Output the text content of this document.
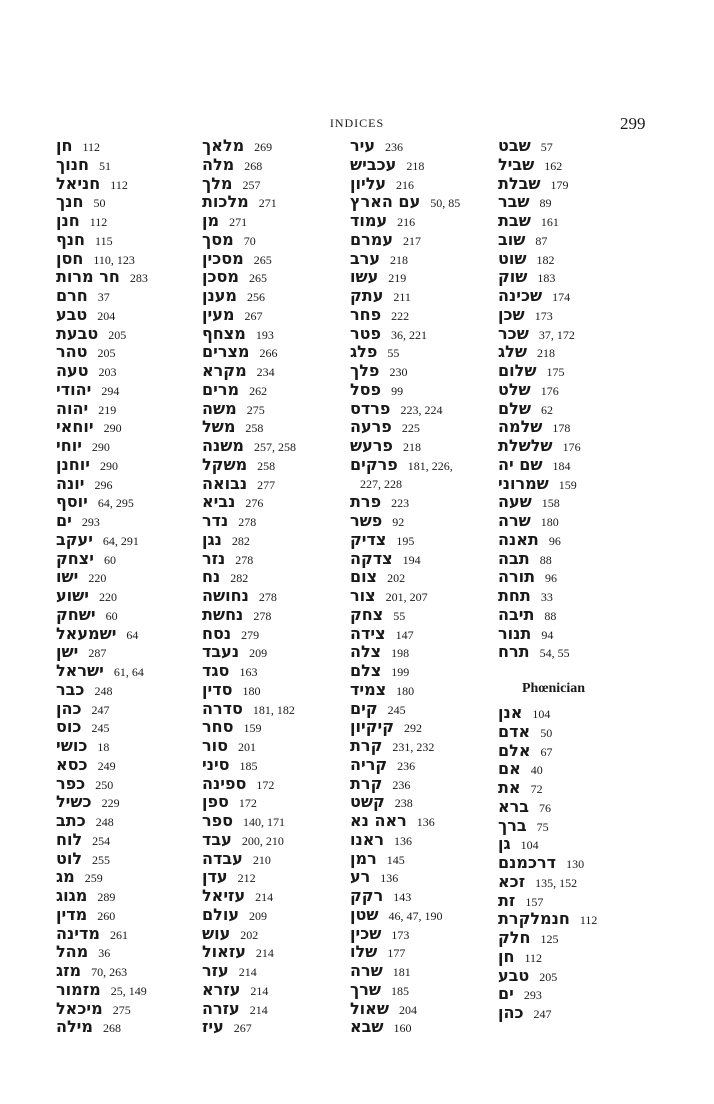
INDICES	299
חן 112
חנוך 51
חניאל 112
חנך 50
חנן 112
חנף 115
חסן 110, 123
חר מרות 283
חרם 37
טבע 204
טבעת 205
טהר 205
טעה 203
יהודי 294
יהוה 219
יוחאי 290
יוחי 290
יוחנן 290
יונה 296
יוסף 64, 295
ים 293
יעקב 64, 291
יצחק 60
ישו 220
ישוע 220
ישחק 60
ישמעאל 64
ישן 287
ישראל 61, 64
כבר 248
כהן 247
כוס 245
כושי 18
כסא 249
כפר 250
כשיל 229
כתב 248
לוח 254
לוט 255
מג 259
מגוג 289
מדין 260
מדינה 261
מהל 36
מזג 70, 263
מזמור 25, 149
מיכאל 275
מילה 268
מלאך 269
מלה 268
מלך 257
מלכות 271
מן 271
מסך 70
מסכין 265
מסכן 265
מענן 256
מעין 267
מצחף 193
מצרים 266
מקרא 234
מרים 262
משה 275
משל 258
משנה 257, 258
משקל 258
נבואה 277
נביא 276
נדר 278
נגן 282
נזר 278
נח 282
נחושה 278
נחשת 278
נסח 279
נעבד 209
סגד 163
סדין 180
סדרה 181, 182
סחר 159
סור 201
סיני 185
ספינה 172
ספן 172
ספר 140, 171
עבד 200, 210
עבדה 210
עדן 212
עזיאל 214
עולם 209
עוש 202
עזאול 214
עזר 214
עזרא 214
עזרה 214
עיז 267
עיר 236
עכביש 218
עליון 216
עם הארץ 50, 85
עמוד 216
עמרם 217
ערב 218
עשו 219
עתק 211
פחר 222
פטר 36, 221
פלג 55
פלך 230
פסל 99
פרדס 223, 224
פרעה 225
פרעש 218
פרקים 181, 226,
227, 228
פרת 223
פשר 92
צדיק 195
צדקה 194
צום 202
צור 201, 207
צחק 55
צידה 147
צלה 198
צלם 199
צמיד 180
קים 245
קיקיון 292
קרת 231, 232
קריה 236
קרת 236
קשט 238
ראה נא 136
ראנו 136
רמן 145
רע 136
רקק 143
שטן 46, 47, 190
שכין 173
שלו 177
שרה 181
שרך 185
שאול 204
שבא 160
שבט 57
שביל 162
שבלת 179
שבר 89
שבת 161
שוב 87
שוט 182
שוק 183
שכינה 174
שכן 173
שכר 37, 172
שלג 218
שלום 175
שלט 176
שלם 62
שלמה 178
שלשלת 176
שם יה 184
שמרוני 159
שעה 158
שרה 180
תאנה 96
תבה 88
תורה 96
תחת 33
תיבה 88
תנור 94
תרח 54, 55
Phœnician
אנן 104
אדם 50
אלם 67
אם 40
את 72
ברא 76
ברך 75
גן 104
דרכמנם 130
זכא 135, 152
זת 157
חנמלקרת 112
חלק 125
חן 112
טבע 205
ים 293
כהן 247
